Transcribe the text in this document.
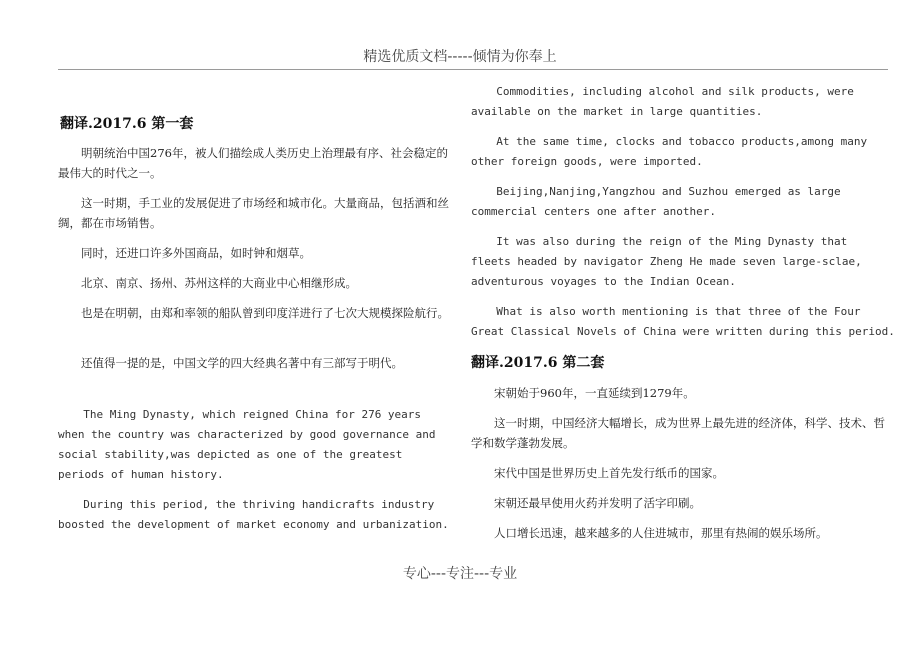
精选优质文档-----倾情为你奉上
翻译.2017.6 第一套

明朝统治中国276年，被人们描绘成人类历史上治理最有序、社会稳定的最伟大的时代之一。

这一时期，手工业的发展促进了市场经和城市化。大量商品，包括酒和丝绸，都在市场销售。

同时，还进口许多外国商品，如时钟和烟草。

北京、南京、扬州、苏州这样的大商业中心相继形成。

也是在明朝，由郑和率领的船队曾到印度洋进行了七次大规模探险航行。

还值得一提的是，中国文学的四大经典名著中有三部写于明代。

The Ming Dynasty, which reigned China for 276 years when the country was characterized by good governance and social stability,was depicted as one of the greatest periods of human history.

During this period, the thriving handicrafts industry boosted the development of market economy and urbanization.

Commodities, including alcohol and silk products, were available on the market in large quantities.

At the same time, clocks and tobacco products,among many other foreign goods, were imported.

Beijing,Nanjing,Yangzhou and Suzhou emerged as large commercial centers one after another.

It was also during the reign of the Ming Dynasty that fleets headed by navigator Zheng He made seven large-sclae, adventurous voyages to the Indian Ocean.

What is also worth mentioning is that three of the Four Great Classical Novels of China were written during this period.

翻译.2017.6 第二套

宋朝始于960年，一直延续到1279年。

这一时期，中国经济大幅增长，成为世界上最先进的经济体，科学、技术、哲学和数学蓬勃发展。

宋代中国是世界历史上首先发行纸币的国家。

宋朝还最早使用火药并发明了活字印刷。

人口增长迅速，越来越多的人住进城市，那里有热闹的娱乐场所。

专心---专注---专业
